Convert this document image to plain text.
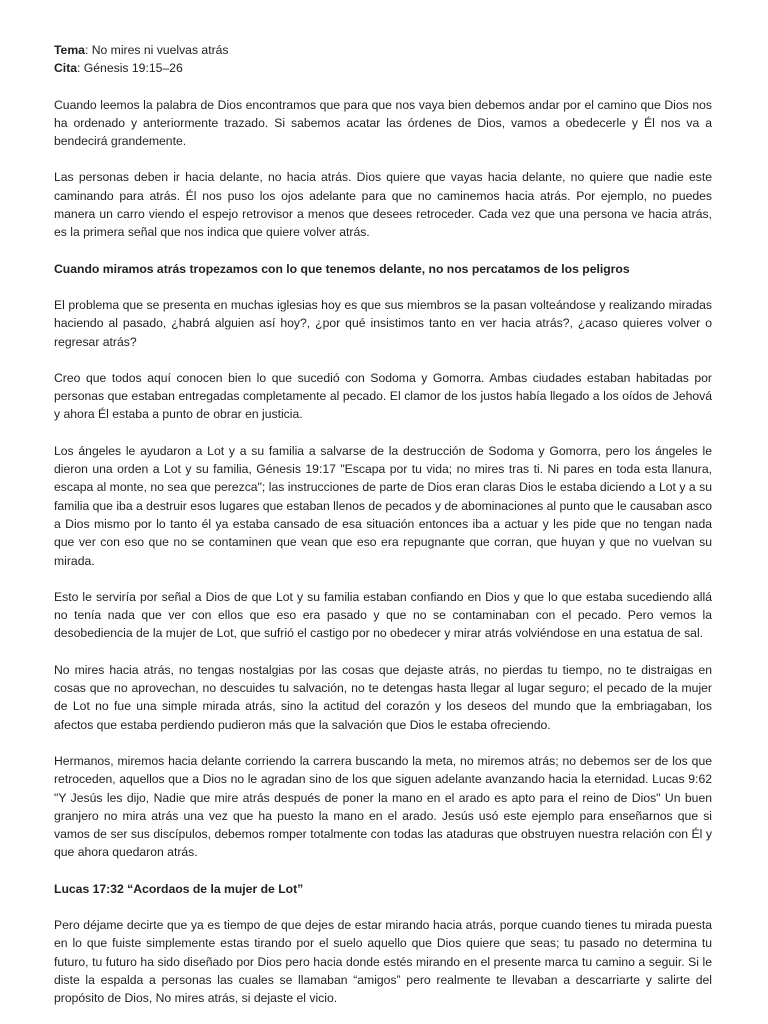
Tema: No mires ni vuelvas atrás
Cita: Génesis 19:15–26

Cuando leemos la palabra de Dios encontramos que para que nos vaya bien debemos andar por el camino que Dios nos ha ordenado y anteriormente trazado. Si sabemos acatar las órdenes de Dios, vamos a obedecerle y Él nos va a bendecirá grandemente.

Las personas deben ir hacia delante, no hacia atrás. Dios quiere que vayas hacia delante, no quiere que nadie este caminando para atrás. Él nos puso los ojos adelante para que no caminemos hacia atrás. Por ejemplo, no puedes manera un carro viendo el espejo retrovisor a menos que desees retroceder. Cada vez que una persona ve hacia atrás, es la primera señal que nos indica que quiere volver atrás.

Cuando miramos atrás tropezamos con lo que tenemos delante, no nos percatamos de los peligros

El problema que se presenta en muchas iglesias hoy es que sus miembros se la pasan volteándose y realizando miradas haciendo al pasado, ¿habrá alguien así hoy?, ¿por qué insistimos tanto en ver hacia atrás?, ¿acaso quieres volver o regresar atrás?

Creo que todos aquí conocen bien lo que sucedió con Sodoma y Gomorra. Ambas ciudades estaban habitadas por personas que estaban entregadas completamente al pecado. El clamor de los justos había llegado a los oídos de Jehová y ahora Él estaba a punto de obrar en justicia.

Los ángeles le ayudaron a Lot y a su familia a salvarse de la destrucción de Sodoma y Gomorra, pero los ángeles le dieron una orden a Lot y su familia, Génesis 19:17 "Escapa por tu vida; no mires tras ti. Ni pares en toda esta llanura, escapa al monte, no sea que perezca"; las instrucciones de parte de Dios eran claras Dios le estaba diciendo a Lot y a su familia que iba a destruir esos lugares que estaban llenos de pecados y de abominaciones al punto que le causaban asco a Dios mismo por lo tanto él ya estaba cansado de esa situación entonces iba a actuar y les pide que no tengan nada que ver con eso que no se contaminen que vean que eso era repugnante que corran, que huyan y que no vuelvan su mirada.

Esto le serviría por señal a Dios de que Lot y su familia estaban confiando en Dios y que lo que estaba sucediendo allá no tenía nada que ver con ellos que eso era pasado y que no se contaminaban con el pecado. Pero vemos la desobediencia de la mujer de Lot, que sufrió el castigo por no obedecer y mirar atrás volviéndose en una estatua de sal.

No mires hacia atrás, no tengas nostalgias por las cosas que dejaste atrás, no pierdas tu tiempo, no te distraigas en cosas que no aprovechan, no descuides tu salvación, no te detengas hasta llegar al lugar seguro; el pecado de la mujer de Lot no fue una simple mirada atrás, sino la actitud del corazón y los deseos del mundo que la embriagaban, los afectos que estaba perdiendo pudieron más que la salvación que Dios le estaba ofreciendo.

Hermanos, miremos hacia delante corriendo la carrera buscando la meta, no miremos atrás; no debemos ser de los que retroceden, aquellos que a Dios no le agradan sino de los que siguen adelante avanzando hacia la eternidad. Lucas 9:62 "Y Jesús les dijo, Nadie que mire atrás después de poner la mano en el arado es apto para el reino de Dios" Un buen granjero no mira atrás una vez que ha puesto la mano en el arado. Jesús usó este ejemplo para enseñarnos que si vamos de ser sus discípulos, debemos romper totalmente con todas las ataduras que obstruyen nuestra relación con Él y que ahora quedaron atrás.

Lucas 17:32 “Acordaos de la mujer de Lot”

Pero déjame decirte que ya es tiempo de que dejes de estar mirando hacia atrás, porque cuando tienes tu mirada puesta en lo que fuiste simplemente estas tirando por el suelo aquello que Dios quiere que seas; tu pasado no determina tu futuro, tu futuro ha sido diseñado por Dios pero hacia donde estés mirando en el presente marca tu camino a seguir. Si le diste la espalda a personas las cuales se llamaban “amigos” pero realmente te llevaban a descarriarte y salirte del propósito de Dios, No mires atrás, si dejaste el vicio.
